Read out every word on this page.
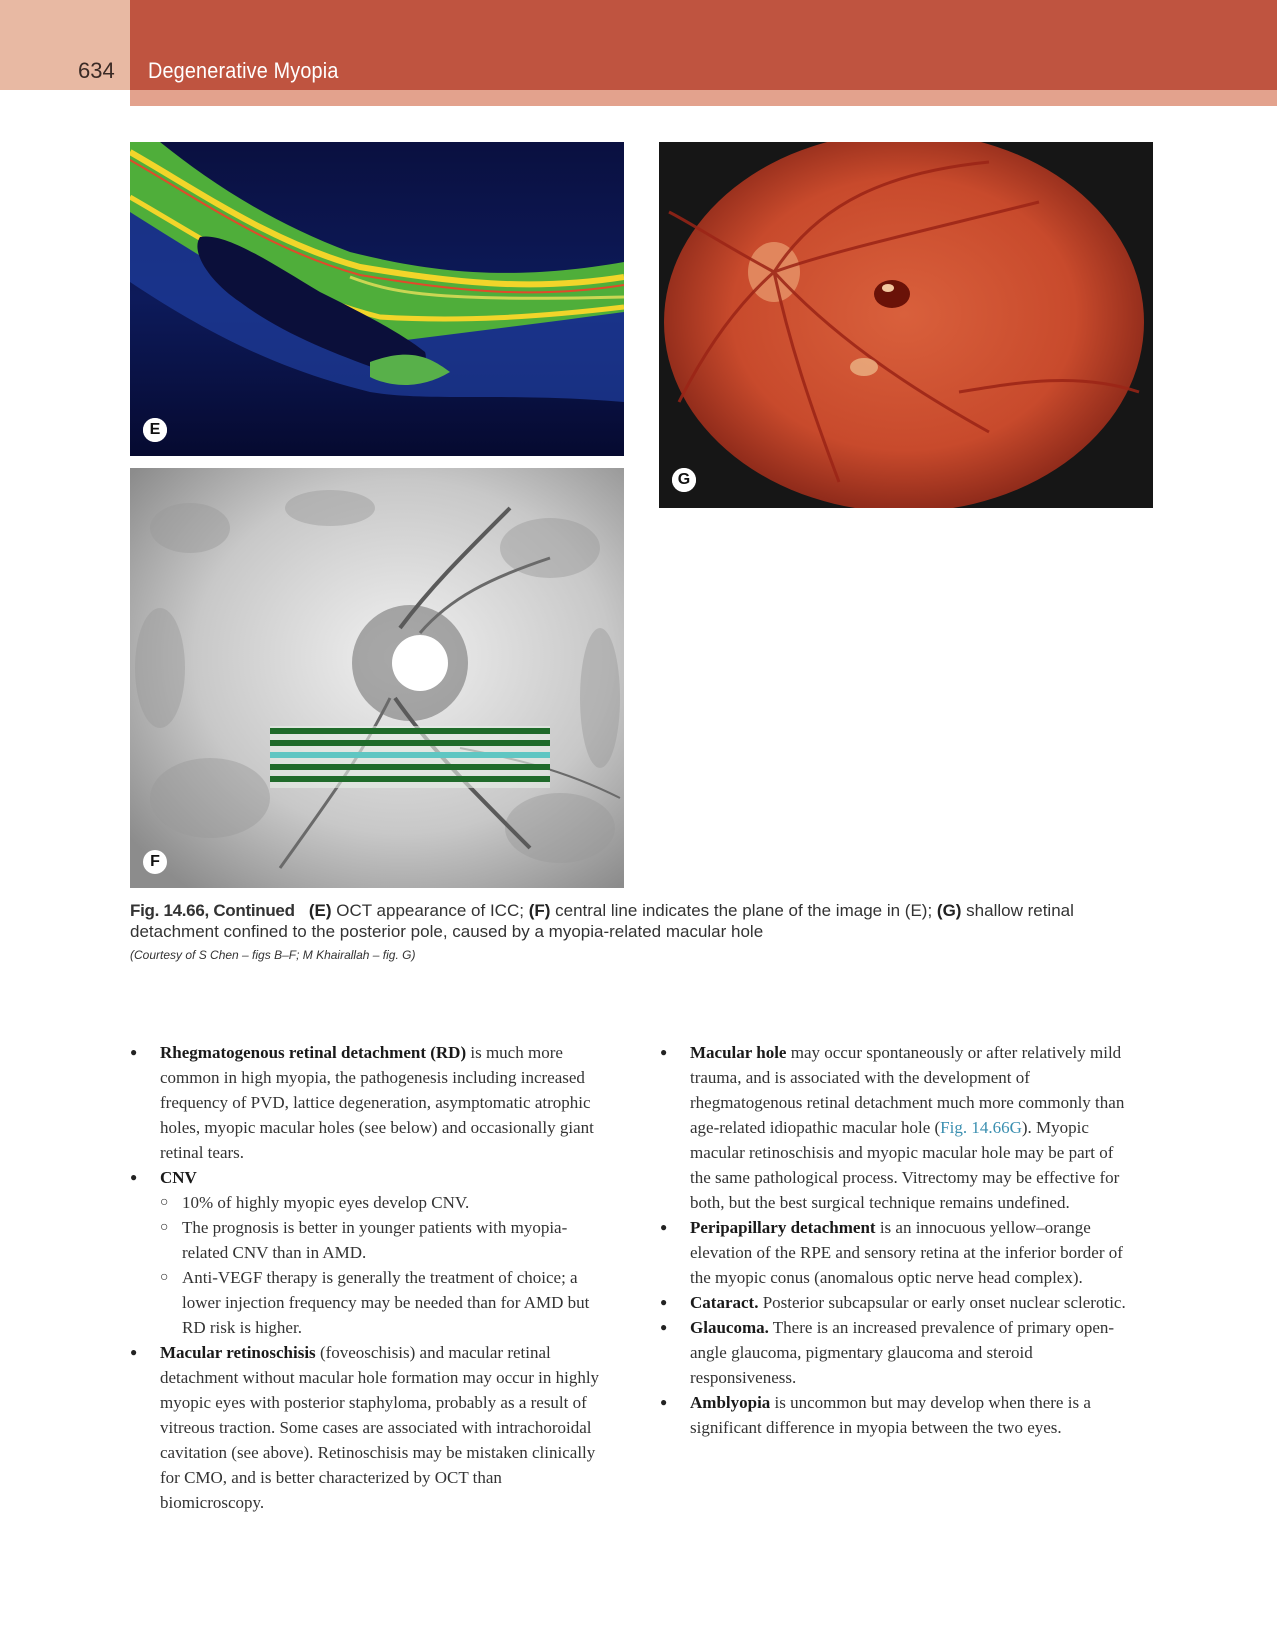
634 Degenerative Myopia
E
F
G
Fig. 14.66, Continued (E) OCT appearance of ICC; (F) central line indicates the plane of the image in (E); (G) shallow retinal detachment confined to the posterior pole, caused by a myopia-related macular hole
(Courtesy of S Chen – figs B–F; M Khairallah – fig. G)

● Rhegmatogenous retinal detachment (RD) is much more common in high myopia, the pathogenesis including increased frequency of PVD, lattice degeneration, asymptomatic atrophic holes, myopic macular holes (see below) and occasionally giant retinal tears.

● CNV

○ 10% of highly myopic eyes develop CNV.

○ The prognosis is better in younger patients with myopia-related CNV than in AMD.

○ Anti-VEGF therapy is generally the treatment of choice; a lower injection frequency may be needed than for AMD but RD risk is higher.

● Macular retinoschisis (foveoschisis) and macular retinal detachment without macular hole formation may occur in highly myopic eyes with posterior staphyloma, probably as a result of vitreous traction. Some cases are associated with intrachoroidal cavitation (see above). Retinoschisis may be mistaken clinically for CMO, and is better characterized by OCT than biomicroscopy.

● Macular hole may occur spontaneously or after relatively mild trauma, and is associated with the development of rhegmatogenous retinal detachment much more commonly than age-related idiopathic macular hole (Fig. 14.66G). Myopic macular retinoschisis and myopic macular hole may be part of the same pathological process. Vitrectomy may be effective for both, but the best surgical technique remains undefined.

● Peripapillary detachment is an innocuous yellow–orange elevation of the RPE and sensory retina at the inferior border of the myopic conus (anomalous optic nerve head complex).

● Cataract. Posterior subcapsular or early onset nuclear sclerotic.

● Glaucoma. There is an increased prevalence of primary open-angle glaucoma, pigmentary glaucoma and steroid responsiveness.

● Amblyopia is uncommon but may develop when there is a significant difference in myopia between the two eyes.
